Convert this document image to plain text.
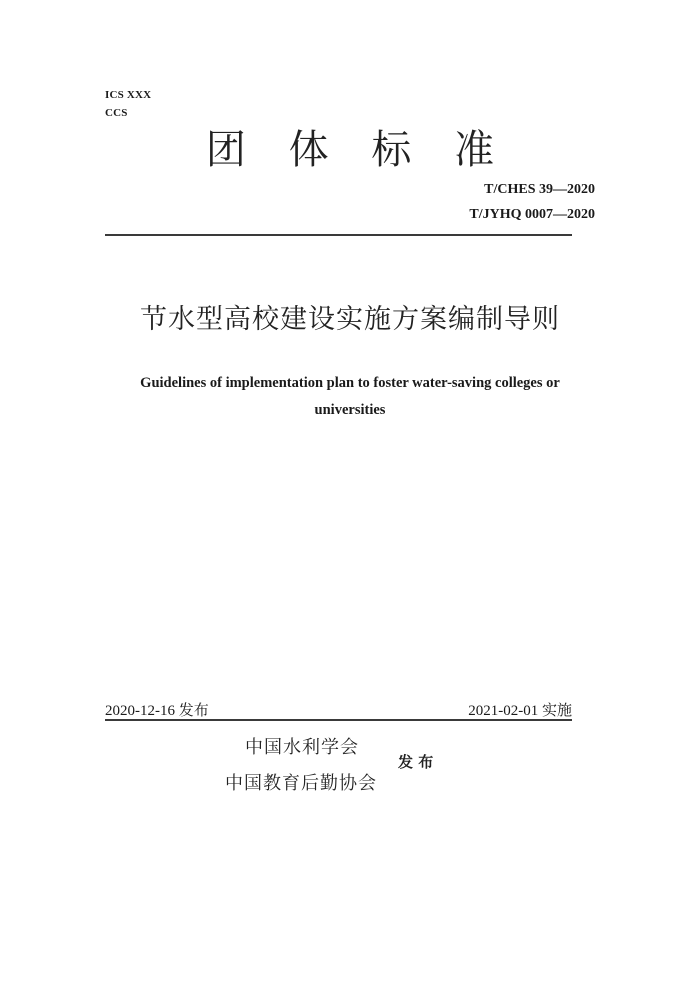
ICS XXX
CCS
团 体 标 准
T/CHES 39—2020
T/JYHQ 0007—2020
节水型高校建设实施方案编制导则
Guidelines of implementation plan to foster water-saving colleges or
universities
2020-12-16 发布	2021-02-01 实施
中国水利学会
中国教育后勤协会
发 布
